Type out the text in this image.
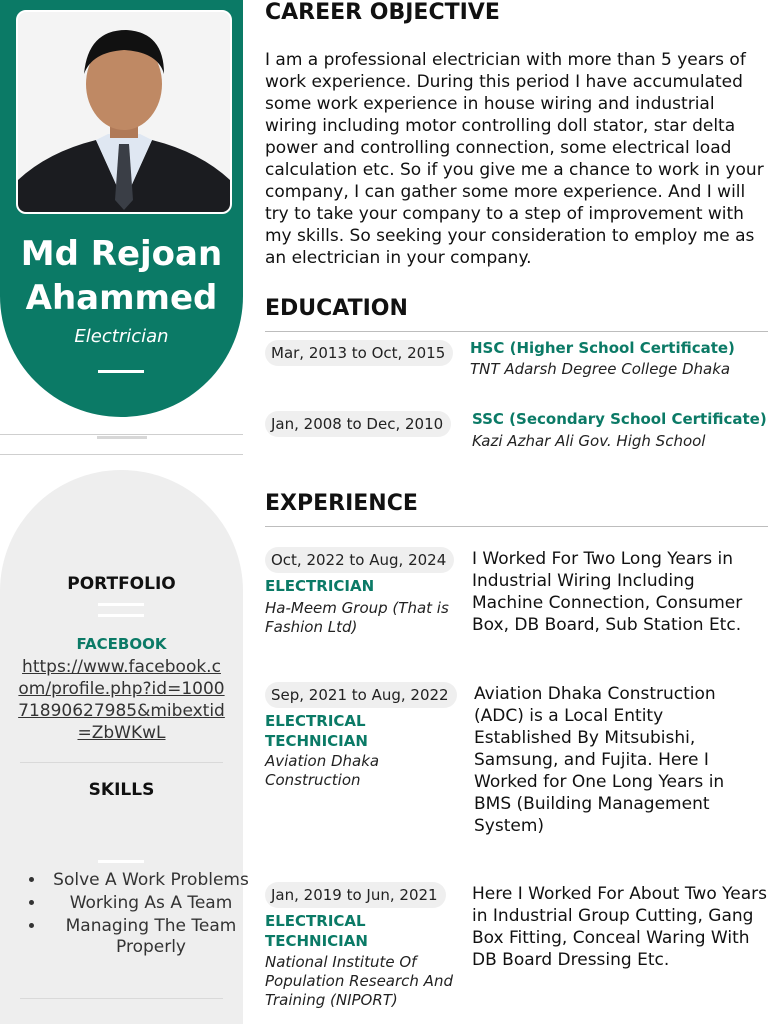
Md Rejoan
Ahammed
Electrician
PORTFOLIO
FACEBOOK
https://www.facebook.com/profile.php?id=100071890627985&mibextid=ZbWKwL
SKILLS
• Solve A Work Problems
• Working As A Team
• Managing The Team Properly
CAREER OBJECTIVE
I am a professional electrician with more than 5 years of work experience. During this period I have accumulated some work experience in house wiring and industrial wiring including motor controlling doll stator, star delta power and controlling connection, some electrical load calculation etc. So if you give me a chance to work in your company, I can gather some more experience. And I will try to take your company to a step of improvement with my skills. So seeking your consideration to employ me as an electrician in your company.
EDUCATION
Mar, 2013 to Oct, 2015	HSC (Higher School Certificate)
TNT Adarsh Degree College Dhaka
Jan, 2008 to Dec, 2010	SSC (Secondary School Certificate)
Kazi Azhar Ali Gov. High School
EXPERIENCE
Oct, 2022 to Aug, 2024
ELECTRICIAN
Ha-Meem Group (That is Fashion Ltd)
I Worked For Two Long Years in Industrial Wiring Including Machine Connection, Consumer Box, DB Board, Sub Station Etc.
Sep, 2021 to Aug, 2022
ELECTRICAL TECHNICIAN
Aviation Dhaka Construction
Aviation Dhaka Construction (ADC) is a Local Entity Established By Mitsubishi, Samsung, and Fujita. Here I Worked for One Long Years in BMS (Building Management System)
Jan, 2019 to Jun, 2021
ELECTRICAL TECHNICIAN
National Institute Of Population Research And Training (NIPORT)
Here I Worked For About Two Years in Industrial Group Cutting, Gang Box Fitting, Conceal Waring With DB Board Dressing Etc.
